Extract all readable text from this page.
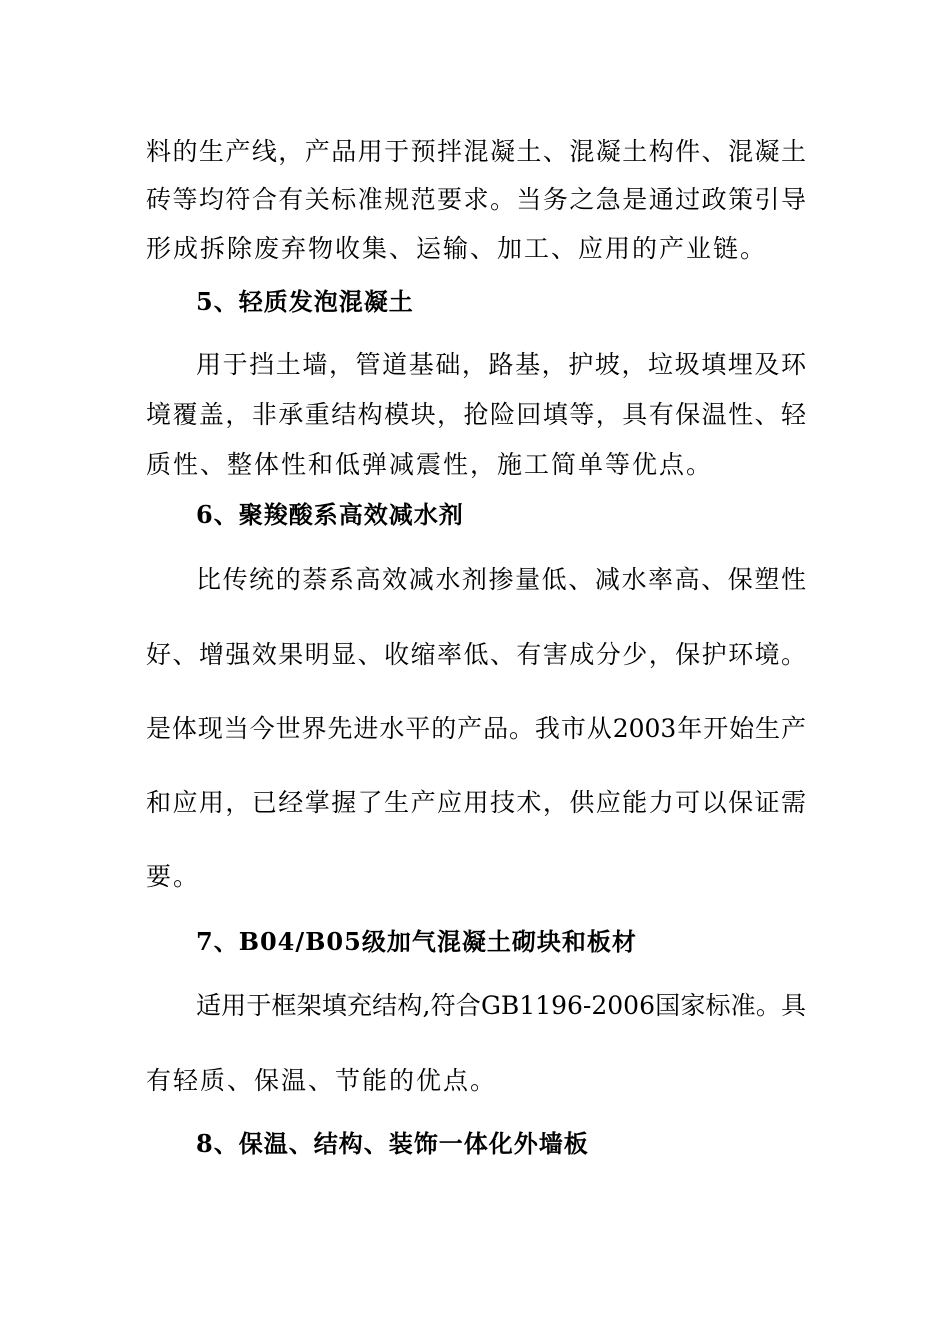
料的生产线，产品用于预拌混凝土、混凝土构件、混凝土
砖等均符合有关标准规范要求。当务之急是通过政策引导
形成拆除废弃物收集、运输、加工、应用的产业链。
5、轻质发泡混凝土
用于挡土墙，管道基础，路基，护坡，垃圾填埋及环
境覆盖，非承重结构模块，抢险回填等，具有保温性、轻
质性、整体性和低弹减震性，施工简单等优点。
6、聚羧酸系高效减水剂
比传统的萘系高效减水剂掺量低、减水率高、保塑性
好、增强效果明显、收缩率低、有害成分少，保护环境。
是体现当今世界先进水平的产品。我市从2003年开始生产
和应用，已经掌握了生产应用技术，供应能力可以保证需
要。
7、B04/B05级加气混凝土砌块和板材
适用于框架填充结构,符合GB1196-2006国家标准。具
有轻质、保温、节能的优点。
8、保温、结构、装饰一体化外墙板
